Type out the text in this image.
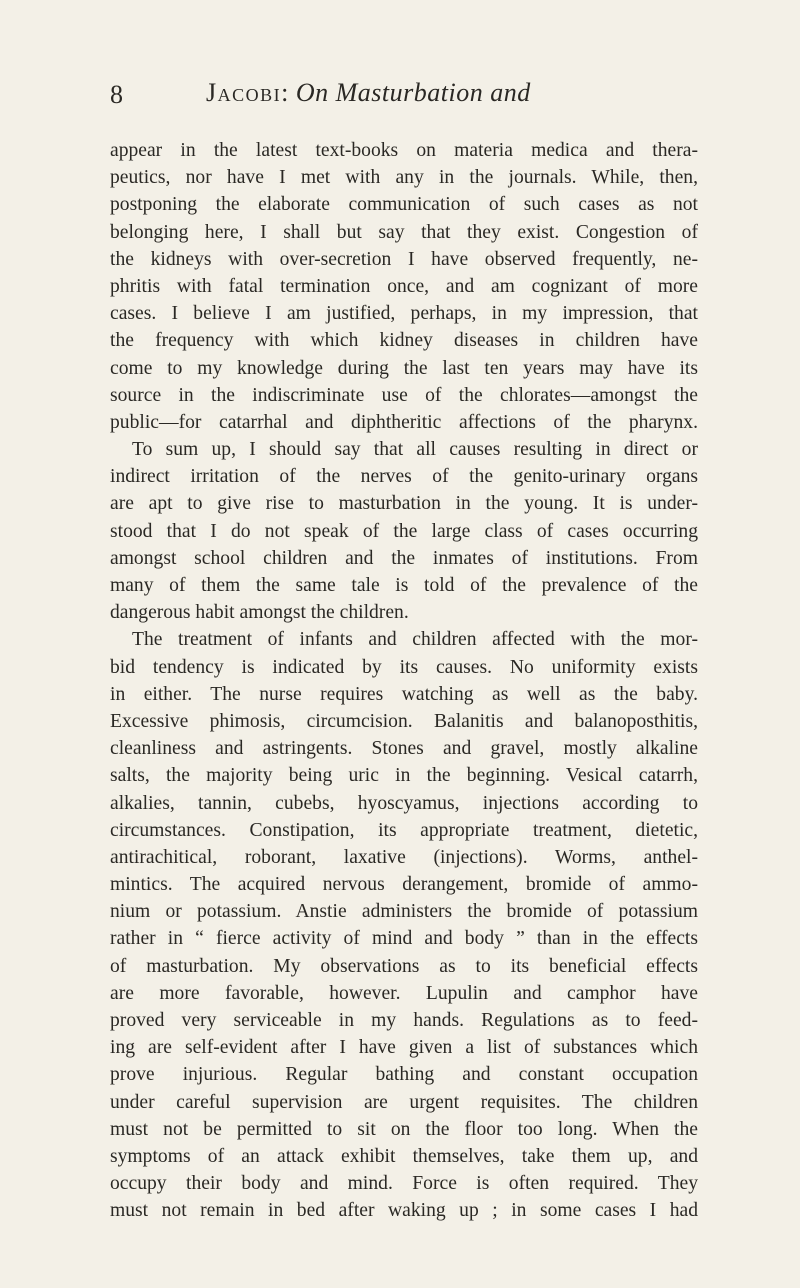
8	Jacobi: On Masturbation and
appear in the latest text-books on materia medica and thera-
peutics, nor have I met with any in the journals. While, then,
postponing the elaborate communication of such cases as not
belonging here, I shall but say that they exist. Congestion of
the kidneys with over-secretion I have observed frequently, ne-
phritis with fatal termination once, and am cognizant of more
cases. I believe I am justified, perhaps, in my impression, that
the frequency with which kidney diseases in children have
come to my knowledge during the last ten years may have its
source in the indiscriminate use of the chlorates—amongst the
public—for catarrhal and diphtheritic affections of the pharynx.
To sum up, I should say that all causes resulting in direct or
indirect irritation of the nerves of the genito-urinary organs
are apt to give rise to masturbation in the young. It is under-
stood that I do not speak of the large class of cases occurring
amongst school children and the inmates of institutions. From
many of them the same tale is told of the prevalence of the
dangerous habit amongst the children.
The treatment of infants and children affected with the mor-
bid tendency is indicated by its causes. No uniformity exists
in either. The nurse requires watching as well as the baby.
Excessive phimosis, circumcision. Balanitis and balanoposthitis,
cleanliness and astringents. Stones and gravel, mostly alkaline
salts, the majority being uric in the beginning. Vesical catarrh,
alkalies, tannin, cubebs, hyoscyamus, injections according to
circumstances. Constipation, its appropriate treatment, dietetic,
antirachitical, roborant, laxative (injections). Worms, anthel-
mintics. The acquired nervous derangement, bromide of ammo-
nium or potassium. Anstie administers the bromide of potassium
rather in “ fierce activity of mind and body ” than in the effects
of masturbation. My observations as to its beneficial effects
are more favorable, however. Lupulin and camphor have
proved very serviceable in my hands. Regulations as to feed-
ing are self-evident after I have given a list of substances which
prove injurious. Regular bathing and constant occupation
under careful supervision are urgent requisites. The children
must not be permitted to sit on the floor too long. When the
symptoms of an attack exhibit themselves, take them up, and
occupy their body and mind. Force is often required. They
must not remain in bed after waking up ; in some cases I had
